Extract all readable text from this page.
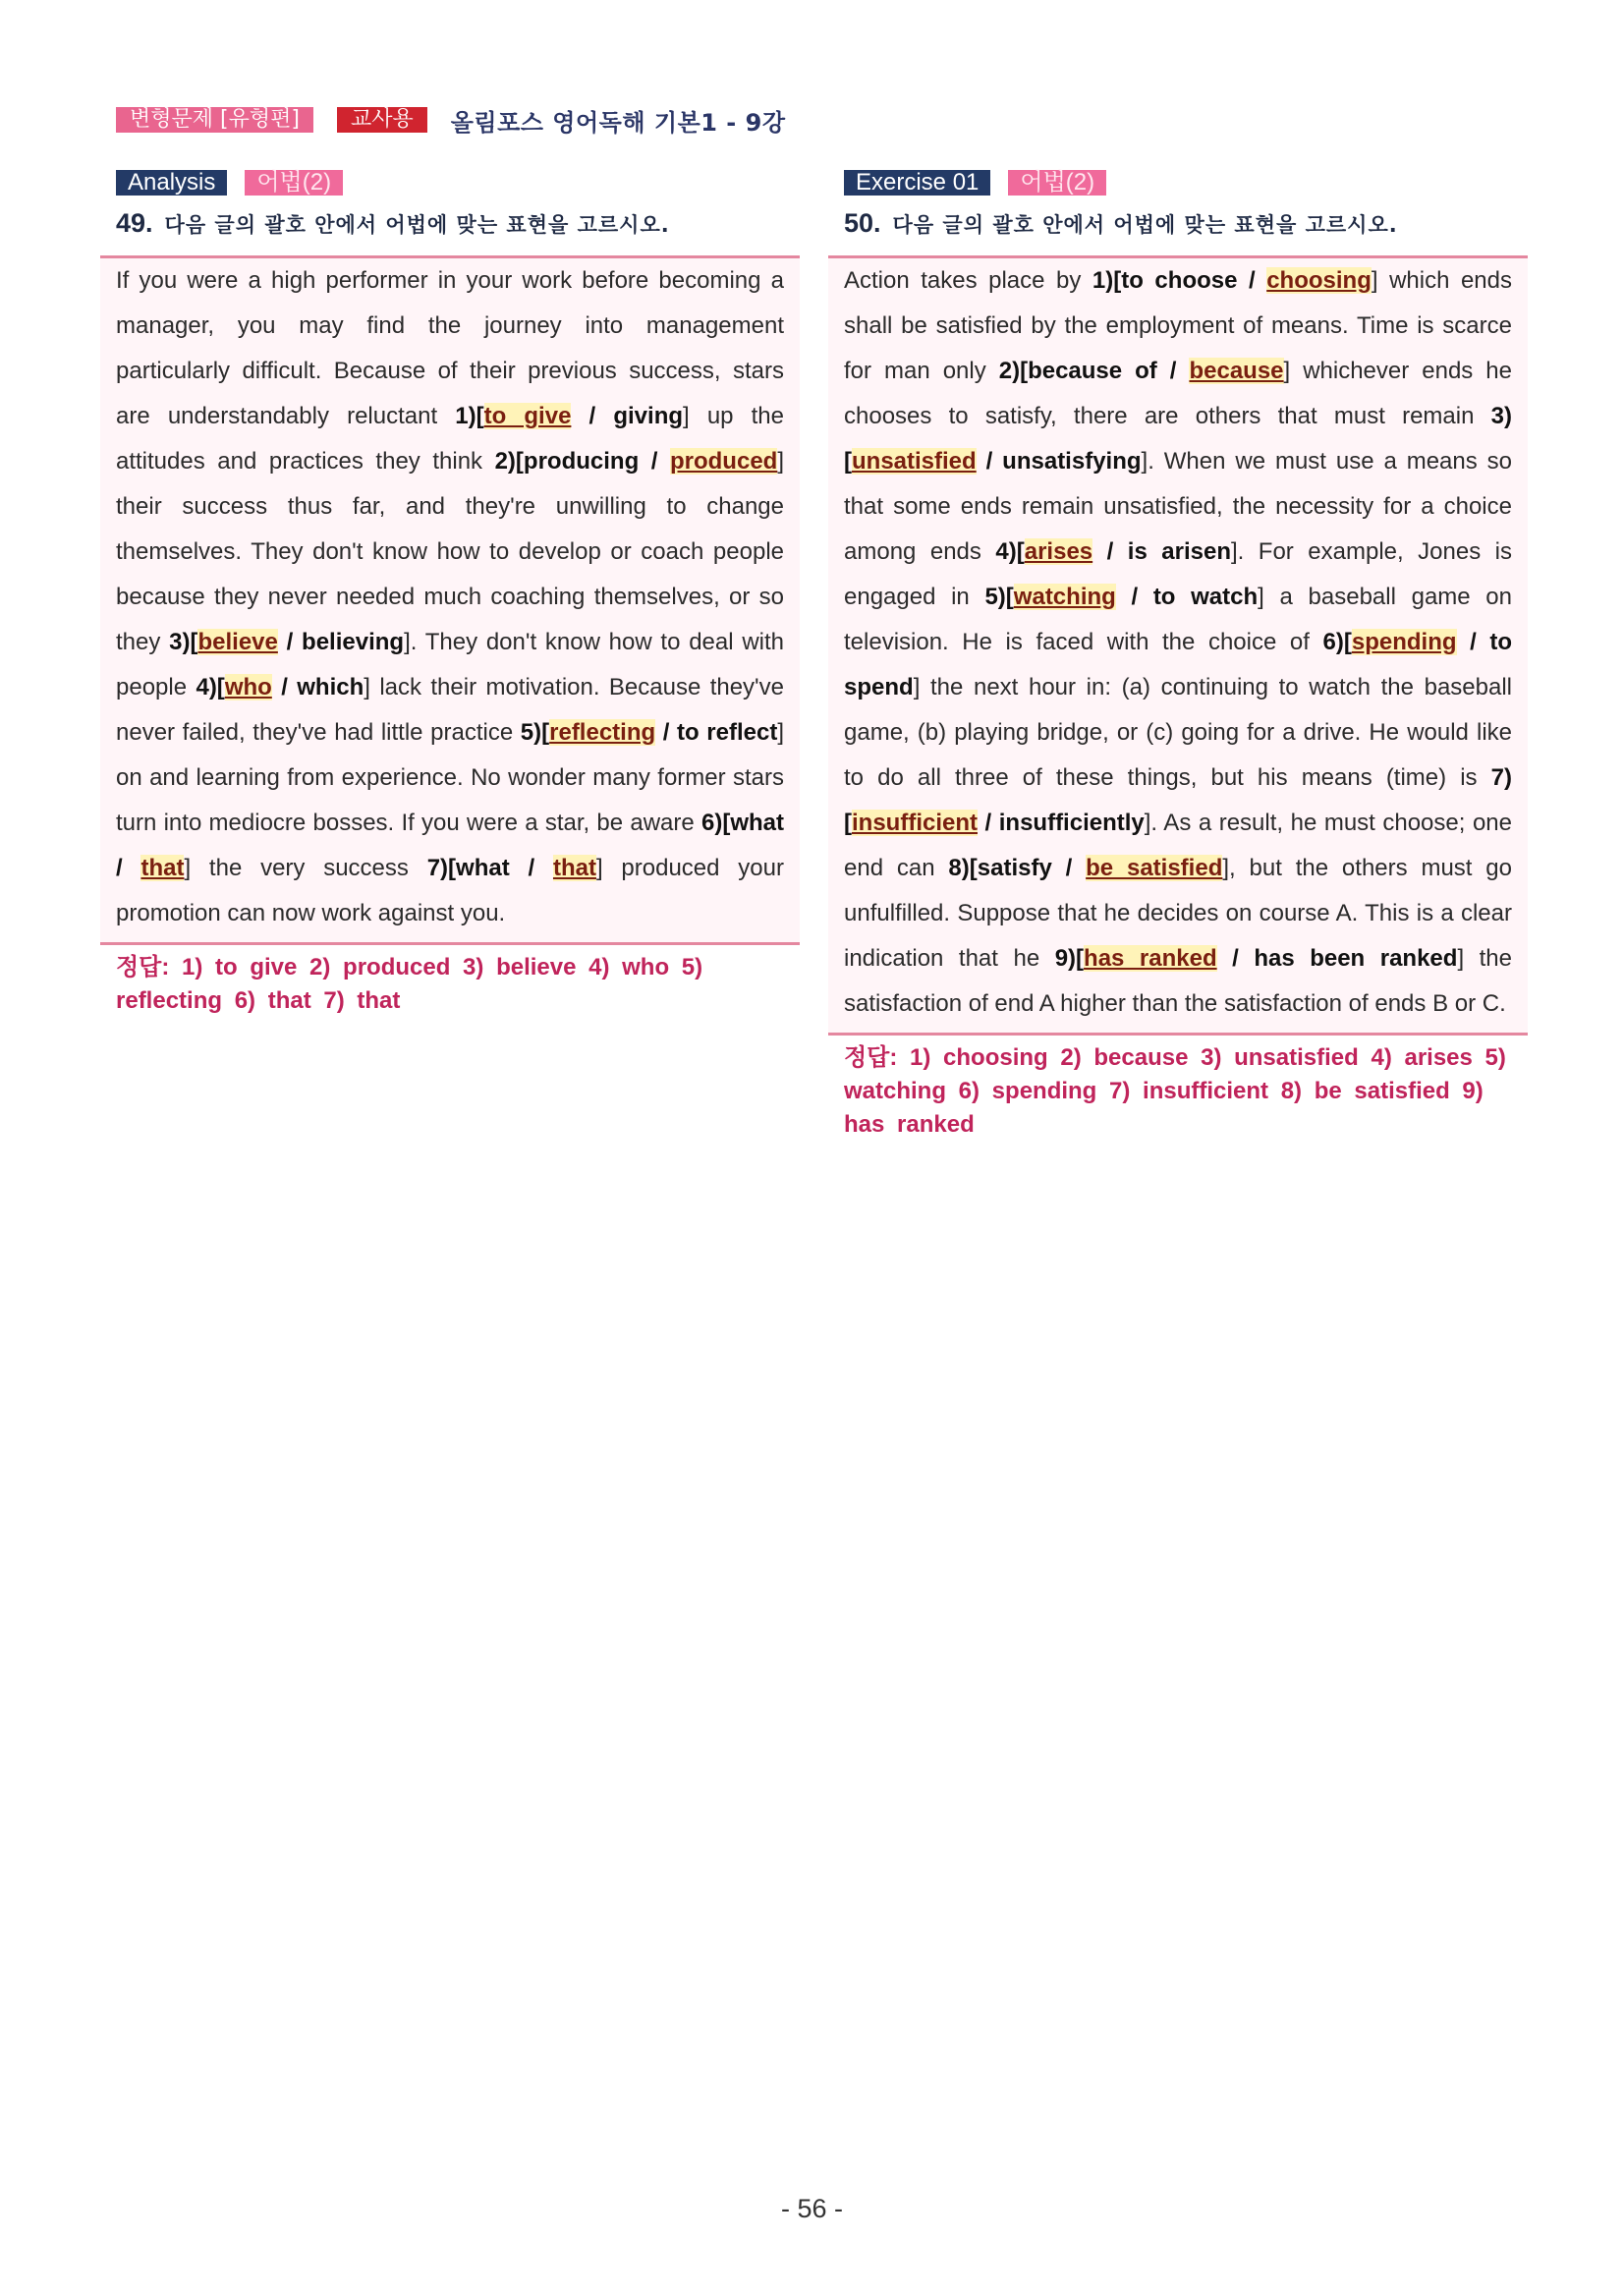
변형문제 [유형편]	교사용	올림포스 영어독해 기본1 - 9강
Analysis	어법(2)
49. 다음 글의 괄호 안에서 어법에 맞는 표현을 고르시오.

If you were a high performer in your work before becoming a manager, you may find the journey into management particularly difficult. Because of their previous success, stars are understandably reluctant 1)[to give / giving] up the attitudes and practices they think 2)[producing / produced] their success thus far, and they're unwilling to change themselves. They don't know how to develop or coach people because they never needed much coaching themselves, or so they 3)[believe / believing]. They don't know how to deal with people 4)[who / which] lack their motivation. Because they've never failed, they've had little practice 5)[reflecting / to reflect] on and learning from experience. No wonder many former stars turn into mediocre bosses. If you were a star, be aware 6)[what / that] the very success 7)[what / that] produced your promotion can now work against you.

정답: 1) to give 2) produced 3) believe 4) who 5) reflecting 6) that 7) that
Exercise 01	어법(2)
50. 다음 글의 괄호 안에서 어법에 맞는 표현을 고르시오.

Action takes place by 1)[to choose / choosing] which ends shall be satisfied by the employment of means. Time is scarce for man only 2)[because of / because] whichever ends he chooses to satisfy, there are others that must remain 3)[unsatisfied / unsatisfying]. When we must use a means so that some ends remain unsatisfied, the necessity for a choice among ends 4)[arises / is arisen]. For example, Jones is engaged in 5)[watching / to watch] a baseball game on television. He is faced with the choice of 6)[spending / to spend] the next hour in: (a) continuing to watch the baseball game, (b) playing bridge, or (c) going for a drive. He would like to do all three of these things, but his means (time) is 7)[insufficient / insufficiently]. As a result, he must choose; one end can 8)[satisfy / be satisfied], but the others must go unfulfilled. Suppose that he decides on course A. This is a clear indication that he 9)[has ranked / has been ranked] the satisfaction of end A higher than the satisfaction of ends B or C.

정답: 1) choosing 2) because 3) unsatisfied 4) arises 5) watching 6) spending 7) insufficient 8) be satisfied 9) has ranked
- 56 -
